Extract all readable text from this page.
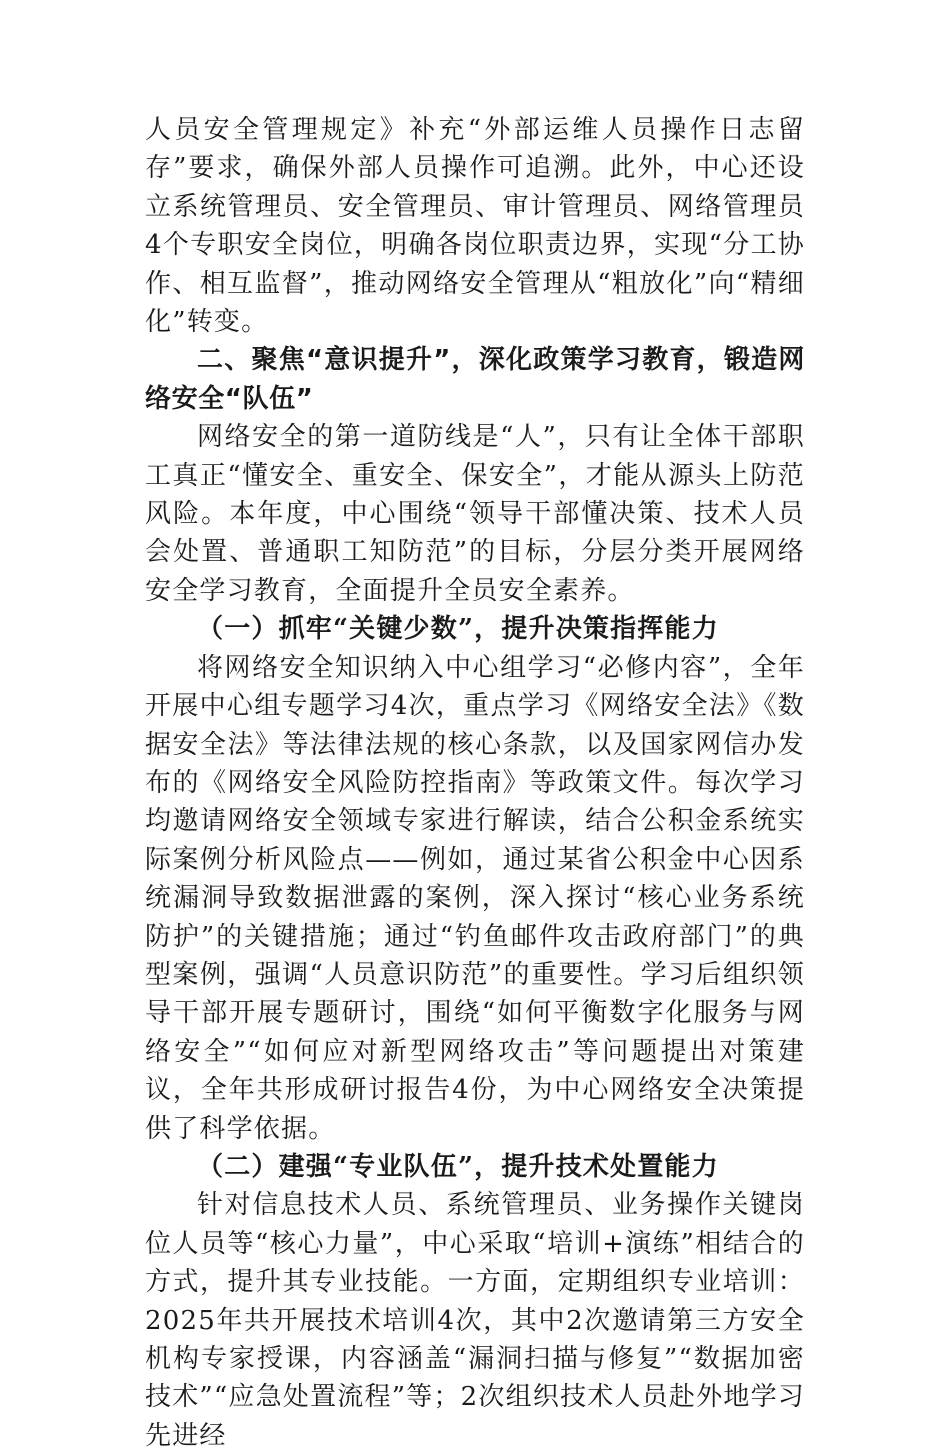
人员安全管理规定》补充“外部运维人员操作日志留存”要求，确保外部人员操作可追溯。此外，中心还设立系统管理员、安全管理员、审计管理员、网络管理员4个专职安全岗位，明确各岗位职责边界，实现“分工协作、相互监督”，推动网络安全管理从“粗放化”向“精细化”转变。

二、聚焦“意识提升”，深化政策学习教育，锻造网络安全“队伍”

网络安全的第一道防线是“人”，只有让全体干部职工真正“懂安全、重安全、保安全”，才能从源头上防范风险。本年度，中心围绕“领导干部懂决策、技术人员会处置、普通职工知防范”的目标，分层分类开展网络安全学习教育，全面提升全员安全素养。

（一）抓牢“关键少数”，提升决策指挥能力

将网络安全知识纳入中心组学习“必修内容”，全年开展中心组专题学习4次，重点学习《网络安全法》《数据安全法》等法律法规的核心条款，以及国家网信办发布的《网络安全风险防控指南》等政策文件。每次学习均邀请网络安全领域专家进行解读，结合公积金系统实际案例分析风险点——例如，通过某省公积金中心因系统漏洞导致数据泄露的案例，深入探讨“核心业务系统防护”的关键措施；通过“钓鱼邮件攻击政府部门”的典型案例，强调“人员意识防范”的重要性。学习后组织领导干部开展专题研讨，围绕“如何平衡数字化服务与网络安全”“如何应对新型网络攻击”等问题提出对策建议，全年共形成研讨报告4份，为中心网络安全决策提供了科学依据。

（二）建强“专业队伍”，提升技术处置能力

针对信息技术人员、系统管理员、业务操作关键岗位人员等“核心力量”，中心采取“培训+演练”相结合的方式，提升其专业技能。一方面，定期组织专业培训：2025年共开展技术培训4次，其中2次邀请第三方安全机构专家授课，内容涵盖“漏洞扫描与修复”“数据加密技术”“应急处置流程”等；2次组织技术人员赴外地学习先进经
